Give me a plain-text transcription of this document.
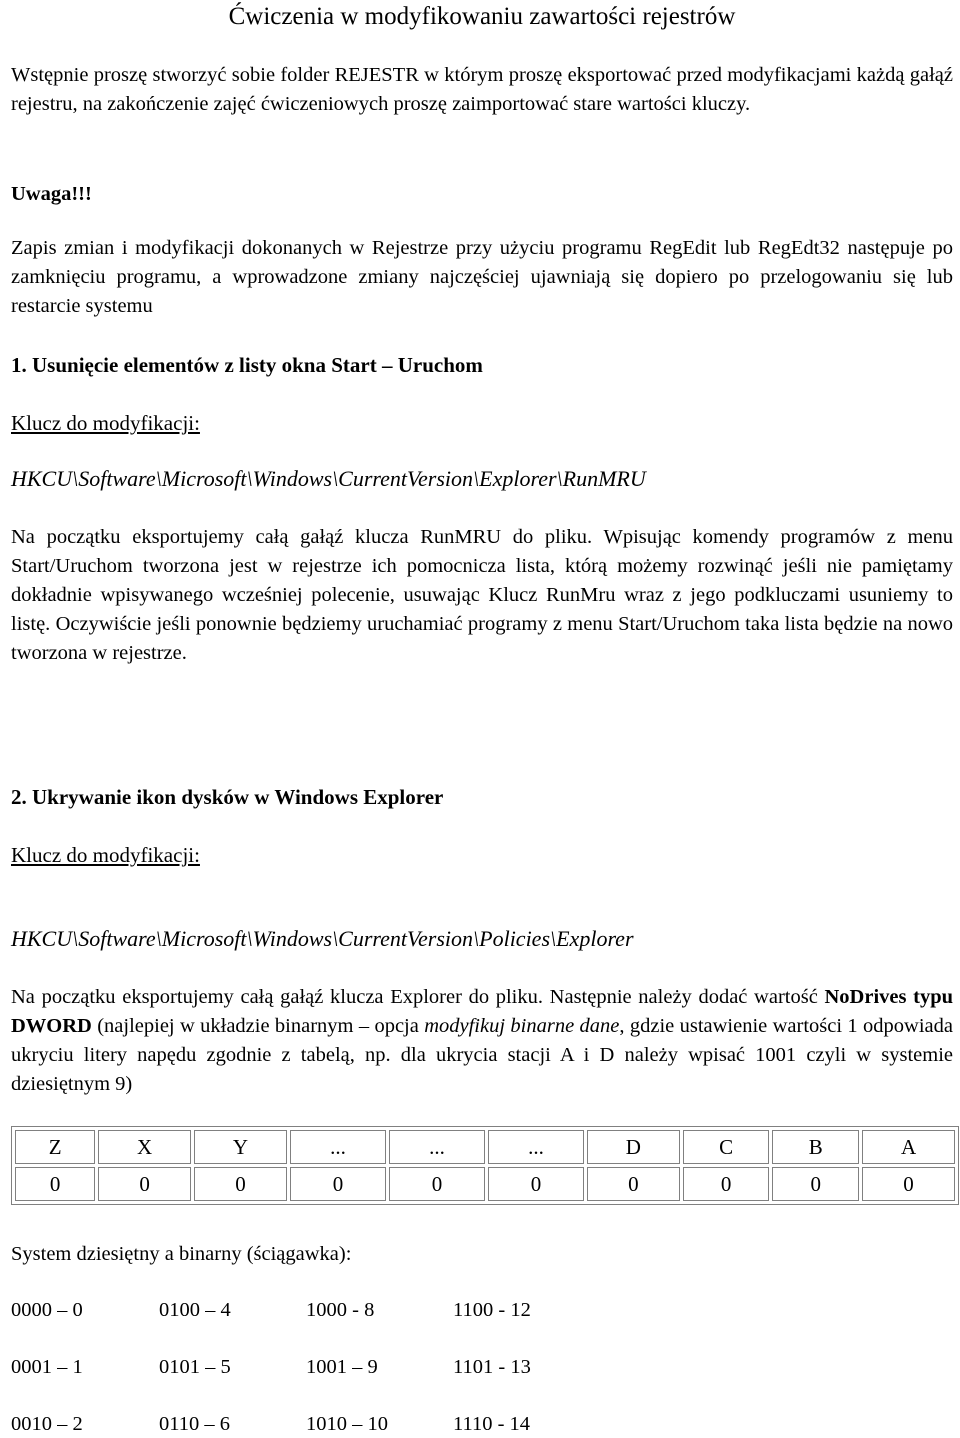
Ćwiczenia w modyfikowaniu zawartości rejestrów
Wstępnie proszę stworzyć sobie folder REJESTR w którym proszę eksportować przed modyfikacjami każdą gałąź rejestru, na zakończenie zajęć ćwiczeniowych proszę zaimportować stare wartości kluczy.
Uwaga!!!
Zapis zmian i modyfikacji dokonanych w Rejestrze przy użyciu programu RegEdit lub RegEdt32 następuje po zamknięciu programu, a wprowadzone zmiany najczęściej ujawniają się dopiero po przelogowaniu się lub restarcie systemu
1. Usunięcie elementów z listy okna Start – Uruchom
Klucz do modyfikacji:
HKCU\Software\Microsoft\Windows\CurrentVersion\Explorer\RunMRU
Na początku eksportujemy całą gałąź klucza RunMRU do pliku. Wpisując komendy programów z menu Start/Uruchom tworzona jest w rejestrze ich pomocnicza lista, którą możemy rozwinąć jeśli nie pamiętamy dokładnie wpisywanego wcześniej polecenie, usuwając Klucz RunMru wraz z jego podkluczami usuniemy to listę. Oczywiście jeśli ponownie będziemy uruchamiać programy z menu Start/Uruchom taka lista będzie na nowo tworzona w rejestrze.
2. Ukrywanie ikon dysków w Windows Explorer
Klucz do modyfikacji:
HKCU\Software\Microsoft\Windows\CurrentVersion\Policies\Explorer
Na początku eksportujemy całą gałąź klucza Explorer do pliku. Następnie należy dodać wartość NoDrives typu DWORD (najlepiej w układzie binarnym – opcja modyfikuj binarne dane, gdzie ustawienie wartości 1 odpowiada ukryciu litery napędu zgodnie z tabelą, np. dla ukrycia stacji A i D należy wpisać 1001 czyli w systemie dziesiętnym 9)
Z	X	Y	...	...	...	D	C	B	A
0	0	0	0	0	0	0	0	0	0
System dziesiętny a binarny (ściągawka):
0000 – 0	0100 – 4	1000 - 8	1100 - 12
0001 – 1	0101 – 5	1001 – 9	1101 - 13
0010 – 2	0110 – 6	1010 – 10	1110 - 14
